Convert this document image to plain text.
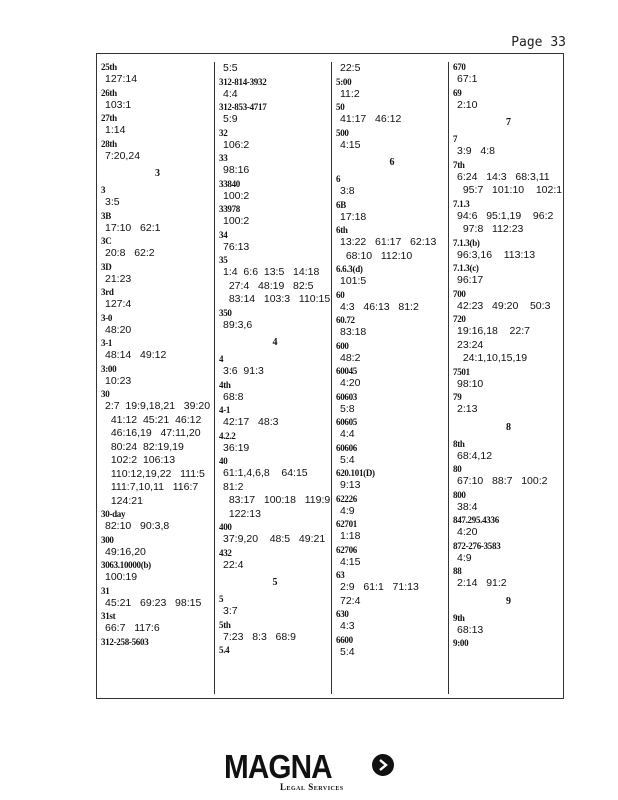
Page 33
25th
127:14
26th
103:1
27th
1:14
28th
7:20,24
3
3
3:5
3B
17:10   62:1
3C
20:8   62:2
3D
21:23
3rd
127:4
3-0
48:20
3-1
48:14   49:12
3:00
10:23
30
2:7  19:9,18,21   39:20
41:12  45:21  46:12
46:16,19   47:11,20
80:24  82:19,19
102:2  106:13
110:12,19,22   111:5
111:7,10,11   116:7
124:21
30-day
82:10   90:3,8
300
49:16,20
3063.10000(b)
100:19
31
45:21   69:23   98:15
31st
66:7   117:6
312-258-5603
5:5
312-814-3932
4:4
312-853-4717
5:9
32
106:2
33
98:16
33840
100:2
33978
100:2
34
76:13
35
1:4  6:6  13:5   14:18
27:4   48:19   82:5
83:14   103:3   110:15
350
89:3,6
4
4
3:6  91:3
4th
68:8
4-1
42:17   48:3
4.2.2
36:19
40
61:1,4,6,8    64:15   81:2
83:17   100:18   119:9
122:13
400
37:9,20    48:5   49:21
432
22:4
5
5
3:7
5th
7:23   8:3   68:9
5.4
22:5
5:00
11:2
50
41:17   46:12
500
4:15
6
6
3:8
6B
17:18
6th
13:22   61:17   62:13
68:10   112:10
6.6.3(d)
101:5
60
4:3   46:13   81:2
60.72
83:18
600
48:2
60045
4:20
60603
5:8
60605
4:4
60606
5:4
620.101(D)
9:13
62226
4:9
62701
1:18
62706
4:15
63
2:9   61:1   71:13    72:4
630
4:3
6600
5:4
670
67:1
69
2:10
7
7
3:9   4:8
7th
6:24   14:3   68:3,11
95:7   101:10    102:1
7.1.3
94:6   95:1,19    96:2
97:8   112:23
7.1.3(b)
96:3,16    113:13
7.1.3(c)
96:17
700
42:23   49:20    50:3
720
19:16,18    22:7   23:24
24:1,10,15,19
7501
98:10
79
2:13
8
8th
68:4,12
80
67:10   88:7   100:2
800
38:4
847.295.4336
4:20
872-276-3583
4:9
88
2:14   91:2
9
9th
68:13
9:00
MAGNA
Legal Services
